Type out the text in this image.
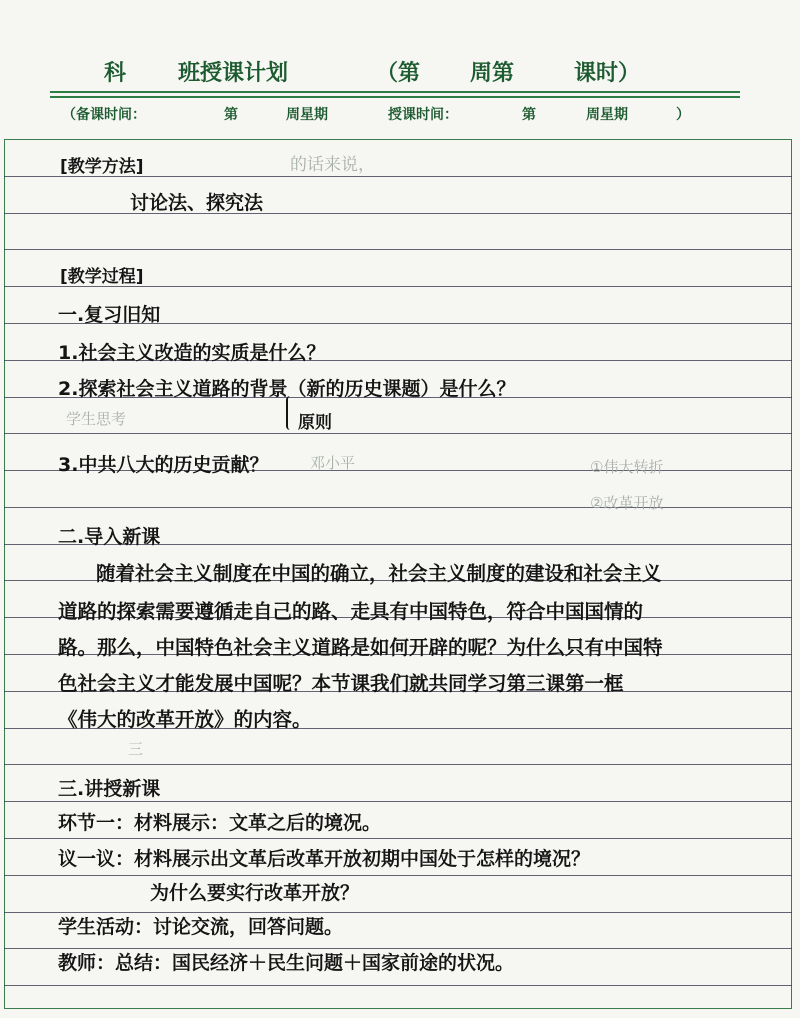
科 班授课计划	（第 周第	课时）
（备课时间：	第	周星期	授课时间：	第	周星期	）
的话来说，
学生思考
邓小平	①伟大转折
②改革开放
三
[教学方法]
讨论法、探究法
[教学过程]
一.复习旧知
1.社会主义改造的实质是什么？
2.探索社会主义道路的背景（新的历史课题）是什么？
原则
3.中共八大的历史贡献？
二.导入新课
随着社会主义制度在中国的确立，社会主义制度的建设和社会主义
道路的探索需要遵循走自己的路、走具有中国特色，符合中国国情的
路。那么，中国特色社会主义道路是如何开辟的呢？为什么只有中国特
色社会主义才能发展中国呢？本节课我们就共同学习第三课第一框
《伟大的改革开放》的内容。
三.讲授新课
环节一：材料展示：文革之后的境况。
议一议：材料展示出文革后改革开放初期中国处于怎样的境况？
为什么要实行改革开放？
学生活动：讨论交流，回答问题。
教师：总结：国民经济＋民生问题＋国家前途的状况。
